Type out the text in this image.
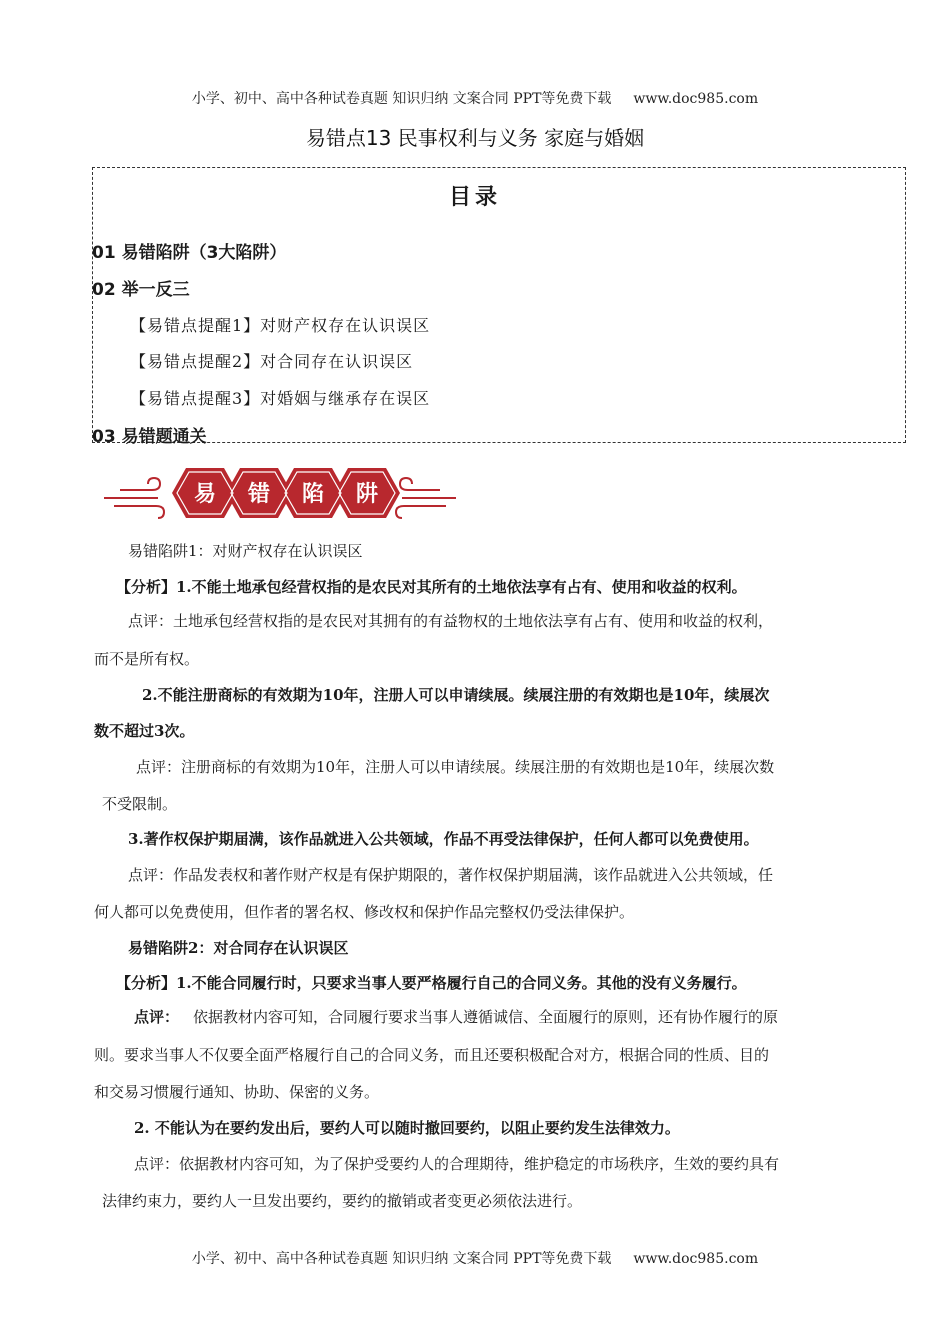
小学、初中、高中各种试卷真题 知识归纳 文案合同 PPT等免费下载 www.doc985.com
易错点13 民事权利与义务 家庭与婚姻
目录
01 易错陷阱（3大陷阱）
02 举一反三
【易错点提醒1】对财产权存在认识误区
【易错点提醒2】对合同存在认识误区
【易错点提醒3】对婚姻与继承存在误区
03 易错题通关
易 错 陷 阱
易错陷阱1：对财产权存在认识误区
【分析】1.不能土地承包经营权指的是农民对其所有的土地依法享有占有、使用和收益的权利。
点评：土地承包经营权指的是农民对其拥有的有益物权的土地依法享有占有、使用和收益的权利，
而不是所有权。
2.不能注册商标的有效期为10年，注册人可以申请续展。续展注册的有效期也是10年，续展次
数不超过3次。
点评：注册商标的有效期为10年，注册人可以申请续展。续展注册的有效期也是10年，续展次数
不受限制。
3.著作权保护期届满，该作品就进入公共领域，作品不再受法律保护，任何人都可以免费使用。
点评：作品发表权和著作财产权是有保护期限的，著作权保护期届满，该作品就进入公共领域，任
何人都可以免费使用，但作者的署名权、修改权和保护作品完整权仍受法律保护。
易错陷阱2：对合同存在认识误区
【分析】1.不能合同履行时，只要求当事人要严格履行自己的合同义务。其他的没有义务履行。
点评： 依据教材内容可知，合同履行要求当事人遵循诚信、全面履行的原则，还有协作履行的原
则。要求当事人不仅要全面严格履行自己的合同义务，而且还要积极配合对方，根据合同的性质、目的
和交易习惯履行通知、协助、保密的义务。
2. 不能认为在要约发出后，要约人可以随时撤回要约，以阻止要约发生法律效力。
点评：依据教材内容可知，为了保护受要约人的合理期待，维护稳定的市场秩序，生效的要约具有
法律约束力，要约人一旦发出要约，要约的撤销或者变更必须依法进行。
小学、初中、高中各种试卷真题 知识归纳 文案合同 PPT等免费下载 www.doc985.com
